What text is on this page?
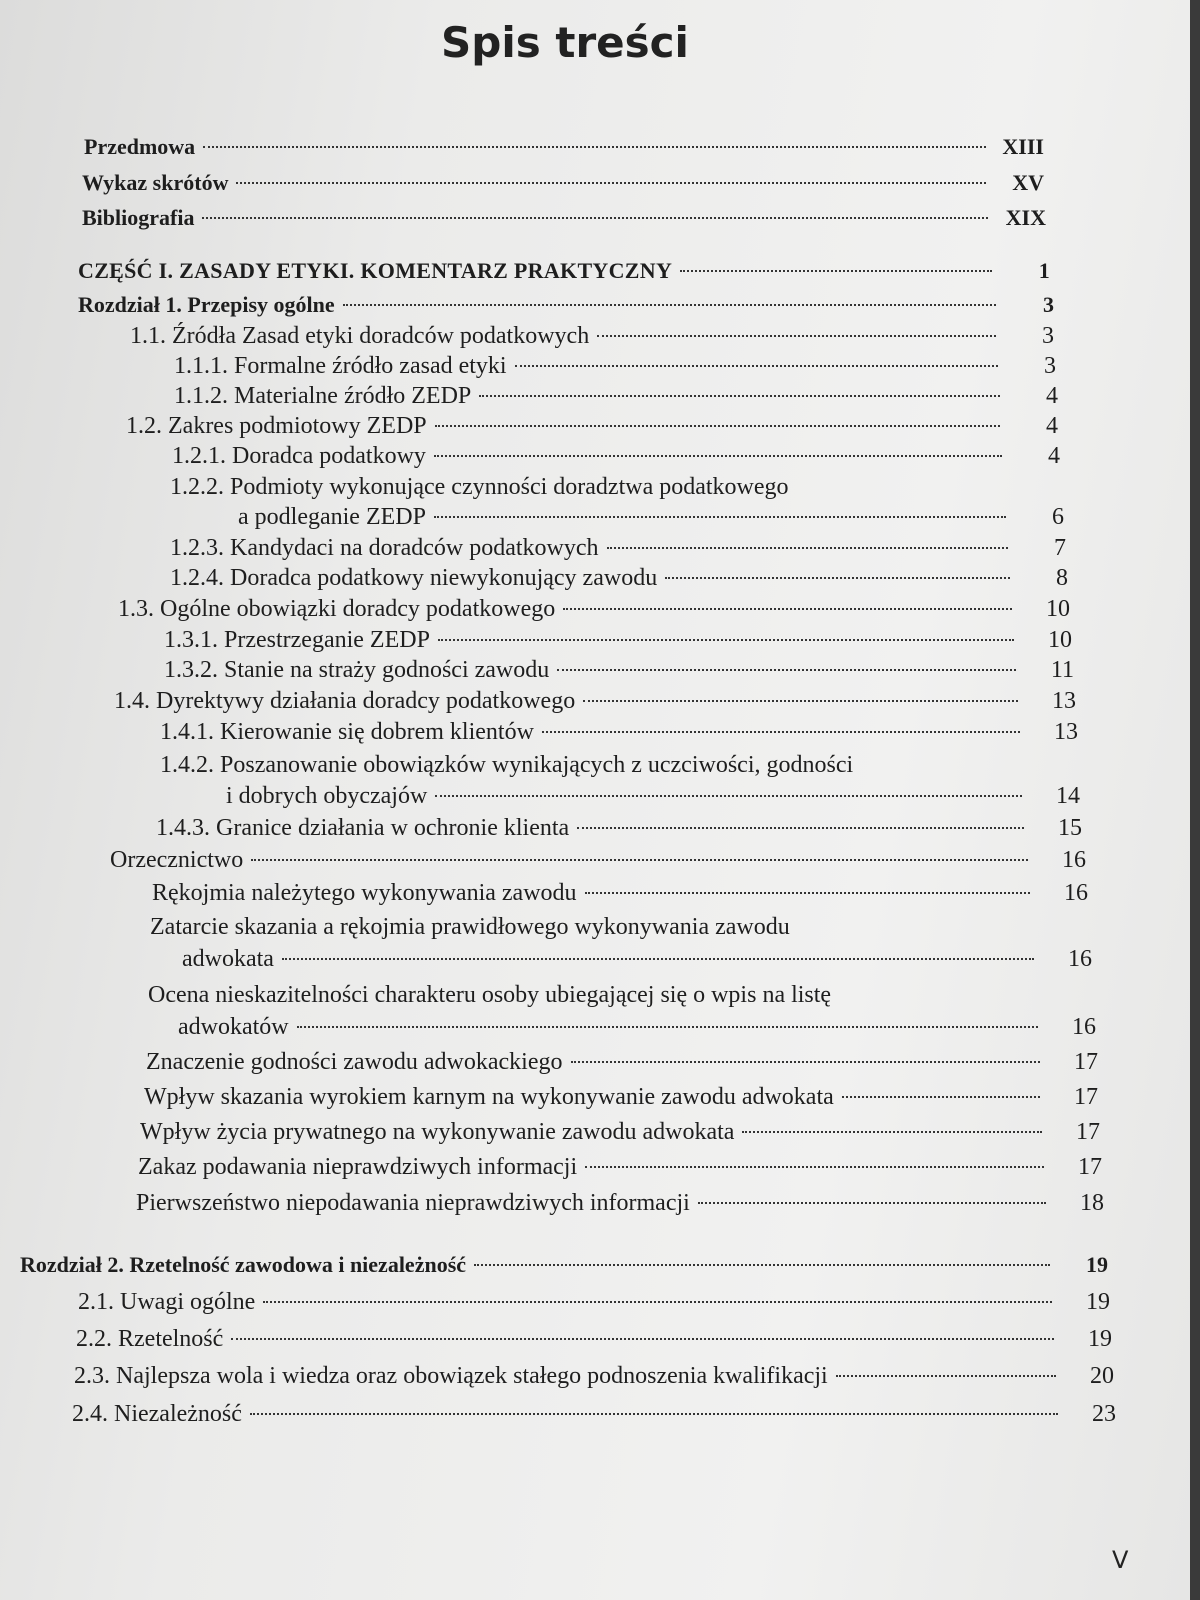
Spis treści
Przedmowa	XIII
Wykaz skrótów	XV
Bibliografia	XIX
CZĘŚĆ I. ZASADY ETYKI. KOMENTARZ PRAKTYCZNY	1
Rozdział 1. Przepisy ogólne	3
1.1. Źródła Zasad etyki doradców podatkowych	3
1.1.1. Formalne źródło zasad etyki	3
1.1.2. Materialne źródło ZEDP	4
1.2. Zakres podmiotowy ZEDP	4
1.2.1. Doradca podatkowy	4
1.2.2. Podmioty wykonujące czynności doradztwa podatkowego
a podleganie ZEDP	6
1.2.3. Kandydaci na doradców podatkowych	7
1.2.4. Doradca podatkowy niewykonujący zawodu	8
1.3. Ogólne obowiązki doradcy podatkowego	10
1.3.1. Przestrzeganie ZEDP	10
1.3.2. Stanie na straży godności zawodu	11
1.4. Dyrektywy działania doradcy podatkowego	13
1.4.1. Kierowanie się dobrem klientów	13
1.4.2. Poszanowanie obowiązków wynikających z uczciwości, godności
i dobrych obyczajów	14
1.4.3. Granice działania w ochronie klienta	15
Orzecznictwo	16
Rękojmia należytego wykonywania zawodu	16
Zatarcie skazania a rękojmia prawidłowego wykonywania zawodu
adwokata	16
Ocena nieskazitelności charakteru osoby ubiegającej się o wpis na listę
adwokatów	16
Znaczenie godności zawodu adwokackiego	17
Wpływ skazania wyrokiem karnym na wykonywanie zawodu adwokata	17
Wpływ życia prywatnego na wykonywanie zawodu adwokata	17
Zakaz podawania nieprawdziwych informacji	17
Pierwszeństwo niepodawania nieprawdziwych informacji	18
Rozdział 2. Rzetelność zawodowa i niezależność	19
2.1. Uwagi ogólne	19
2.2. Rzetelność	19
2.3. Najlepsza wola i wiedza oraz obowiązek stałego podnoszenia kwalifikacji	20
2.4. Niezależność	23
V
